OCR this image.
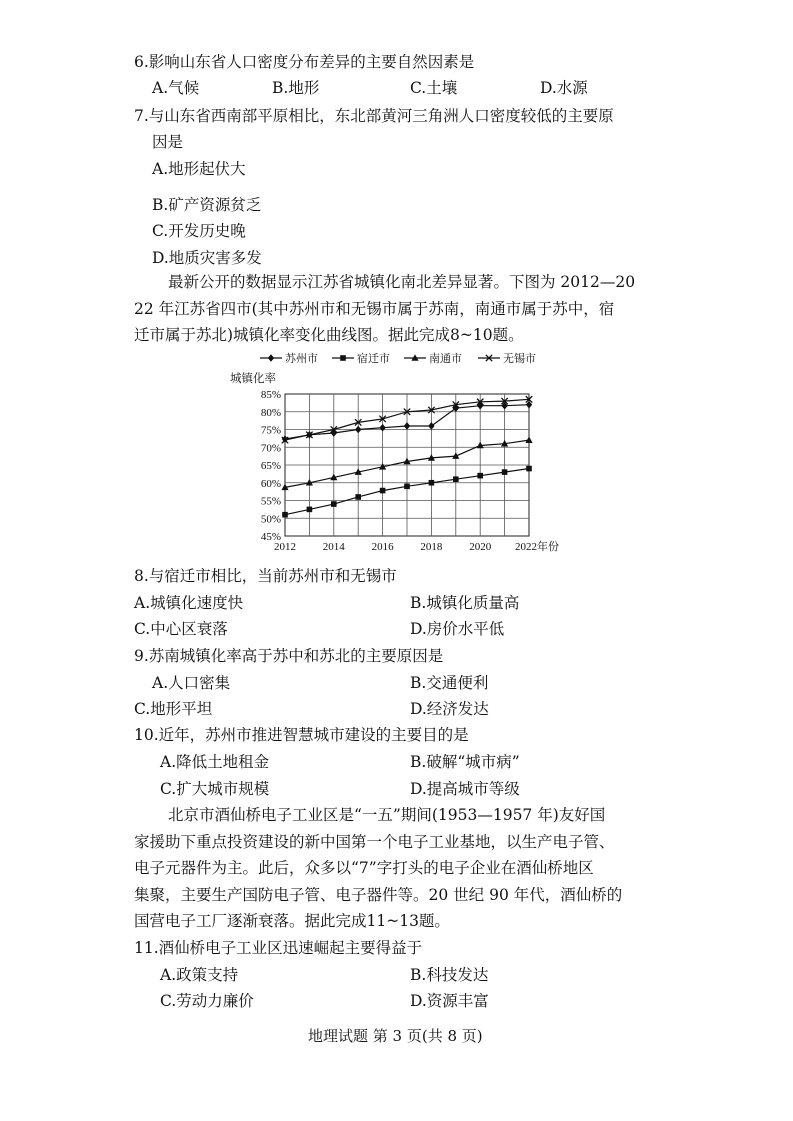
6.影响山东省人口密度分布差异的主要自然因素是
A.气候	B.地形	C.土壤	D.水源
7.与山东省西南部平原相比，东北部黄河三角洲人口密度较低的主要原
因是
A.地形起伏大
B.矿产资源贫乏
C.开发历史晚
D.地质灾害多发
最新公开的数据显示江苏省城镇化南北差异显著。下图为 2012—20
22 年江苏省四市(其中苏州市和无锡市属于苏南，南通市属于苏中，宿
迁市属于苏北)城镇化率变化曲线图。据此完成8~10题。
45%
50%
55%
60%
65%
70%
75%
80%
85%
2012 2014 2016 2018 2020 2022年份
城镇化率
苏州市	宿迁市	南通市	无锡市
8.与宿迁市相比，当前苏州市和无锡市
A.城镇化速度快	B.城镇化质量高
C.中心区衰落	D.房价水平低
9.苏南城镇化率高于苏中和苏北的主要原因是
A.人口密集	B.交通便利
C.地形平坦	D.经济发达
10.近年，苏州市推进智慧城市建设的主要目的是
A.降低土地租金	B.破解“城市病”
C.扩大城市规模	D.提高城市等级
北京市酒仙桥电子工业区是“一五”期间(1953—1957 年)友好国
家援助下重点投资建设的新中国第一个电子工业基地，以生产电子管、
电子元器件为主。此后，众多以“7”字打头的电子企业在酒仙桥地区
集聚，主要生产国防电子管、电子器件等。20 世纪 90 年代，酒仙桥的
国营电子工厂逐渐衰落。据此完成11~13题。
11.酒仙桥电子工业区迅速崛起主要得益于
A.政策支持	B.科技发达
C.劳动力廉价	D.资源丰富
地理试题 第 3 页(共 8 页)
